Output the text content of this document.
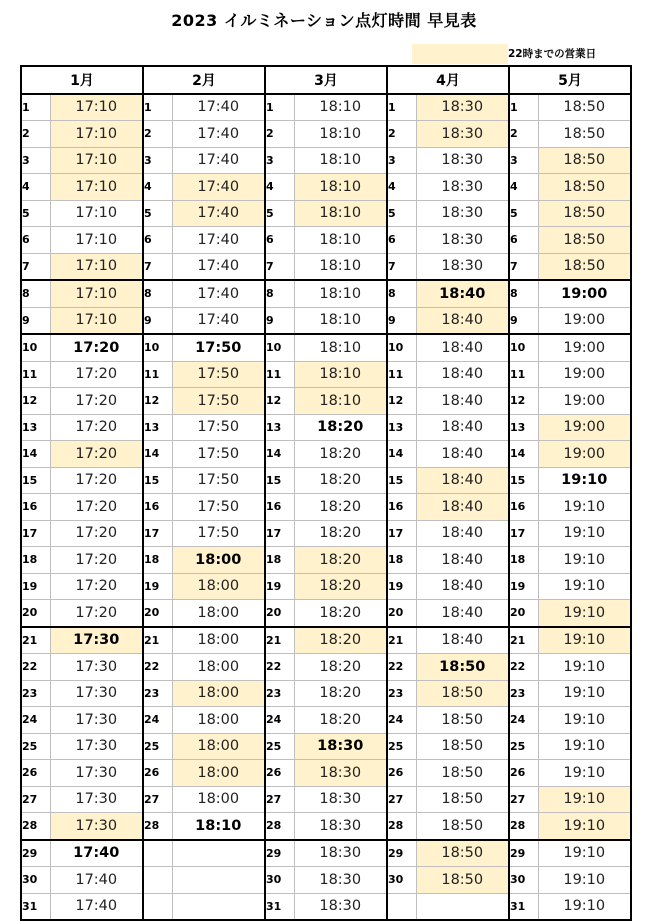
2023 イルミネーション点灯時間 早見表
22時までの営業日
1月		2月		3月		4月		5月	
1	17:10	1	17:40	1	18:10	1	18:30	1	18:50
2	17:10	2	17:40	2	18:10	2	18:30	2	18:50
3	17:10	3	17:40	3	18:10	3	18:30	3	18:50
4	17:10	4	17:40	4	18:10	4	18:30	4	18:50
5	17:10	5	17:40	5	18:10	5	18:30	5	18:50
6	17:10	6	17:40	6	18:10	6	18:30	6	18:50
7	17:10	7	17:40	7	18:10	7	18:30	7	18:50
8	17:10	8	17:40	8	18:10	8	18:40	8	19:00
9	17:10	9	17:40	9	18:10	9	18:40	9	19:00
10	17:20	10	17:50	10	18:10	10	18:40	10	19:00
11	17:20	11	17:50	11	18:10	11	18:40	11	19:00
12	17:20	12	17:50	12	18:10	12	18:40	12	19:00
13	17:20	13	17:50	13	18:20	13	18:40	13	19:00
14	17:20	14	17:50	14	18:20	14	18:40	14	19:00
15	17:20	15	17:50	15	18:20	15	18:40	15	19:10
16	17:20	16	17:50	16	18:20	16	18:40	16	19:10
17	17:20	17	17:50	17	18:20	17	18:40	17	19:10
18	17:20	18	18:00	18	18:20	18	18:40	18	19:10
19	17:20	19	18:00	19	18:20	19	18:40	19	19:10
20	17:20	20	18:00	20	18:20	20	18:40	20	19:10
21	17:30	21	18:00	21	18:20	21	18:40	21	19:10
22	17:30	22	18:00	22	18:20	22	18:50	22	19:10
23	17:30	23	18:00	23	18:20	23	18:50	23	19:10
24	17:30	24	18:00	24	18:20	24	18:50	24	19:10
25	17:30	25	18:00	25	18:30	25	18:50	25	19:10
26	17:30	26	18:00	26	18:30	26	18:50	26	19:10
27	17:30	27	18:00	27	18:30	27	18:50	27	19:10
28	17:30	28	18:10	28	18:30	28	18:50	28	19:10
29	17:40			29	18:30	29	18:50	29	19:10
30	17:40			30	18:30	30	18:50	30	19:10
31	17:40			31	18:30			31	19:10
